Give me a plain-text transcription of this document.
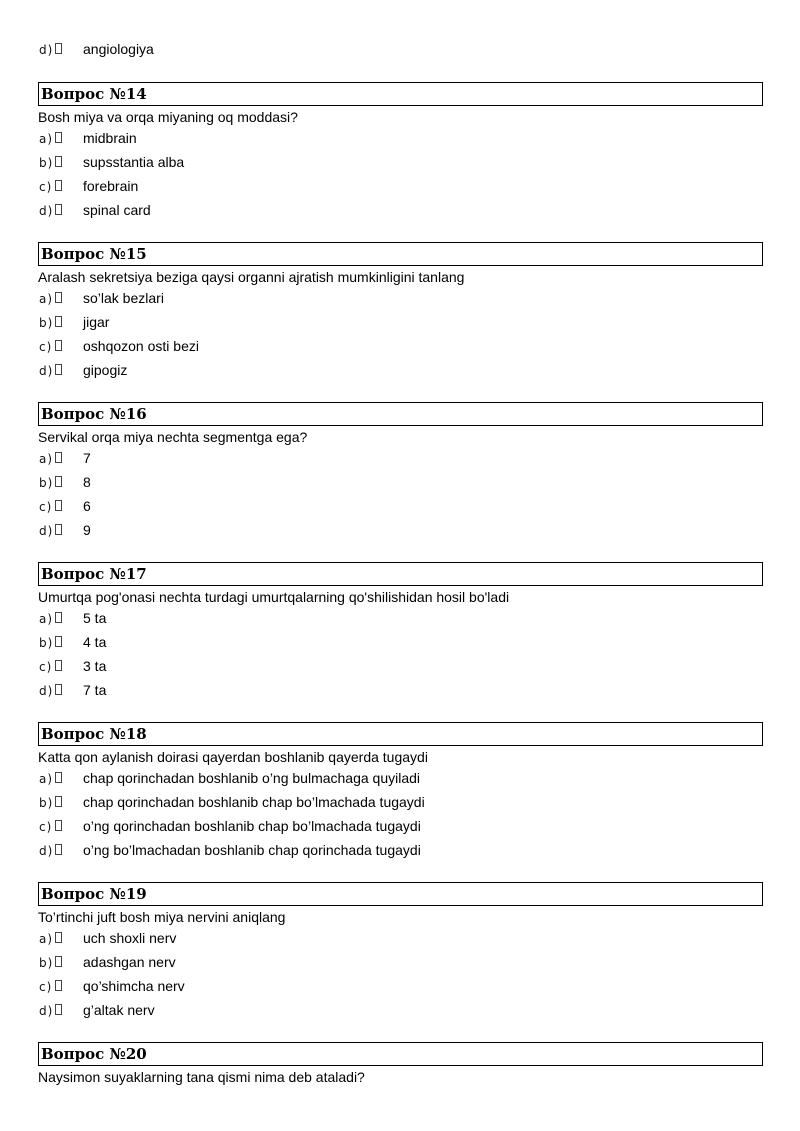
d)	angiologiya
Вопрос №14
Bosh miya va orqa miyaning oq moddasi?
a)	midbrain
b)	supsstantia alba
c)	forebrain
d)	spinal card
Вопрос №15
Aralash sekretsiya beziga qaysi organni ajratish mumkinligini tanlang
a)	so’lak bezlari
b)	jigar
c)	oshqozon osti bezi
d)	gipogiz
Вопрос №16
Servikal orqa miya nechta segmentga ega?
a)	7
b)	8
c)	6
d)	9
Вопрос №17
Umurtqa pog'onasi nechta turdagi umurtqalarning qo'shilishidan hosil bo'ladi
a)	5 ta
b)	4 ta
c)	3 ta
d)	7 ta
Вопрос №18
Katta qon aylanish doirasi qayerdan boshlanib qayerda tugaydi
a)	chap qorinchadan boshlanib o’ng bulmachaga quyiladi
b)	chap qorinchadan boshlanib chap bo’lmachada tugaydi
c)	o’ng qorinchadan boshlanib chap bo’lmachada tugaydi
d)	o’ng bo’lmachadan boshlanib chap qorinchada tugaydi
Вопрос №19
To’rtinchi juft bosh miya nervini aniqlang
a)	uch shoxli nerv
b)	adashgan nerv
c)	qo’shimcha nerv
d)	g’altak nerv
Вопрос №20
Naysimon suyaklarning tana qismi nima deb ataladi?
